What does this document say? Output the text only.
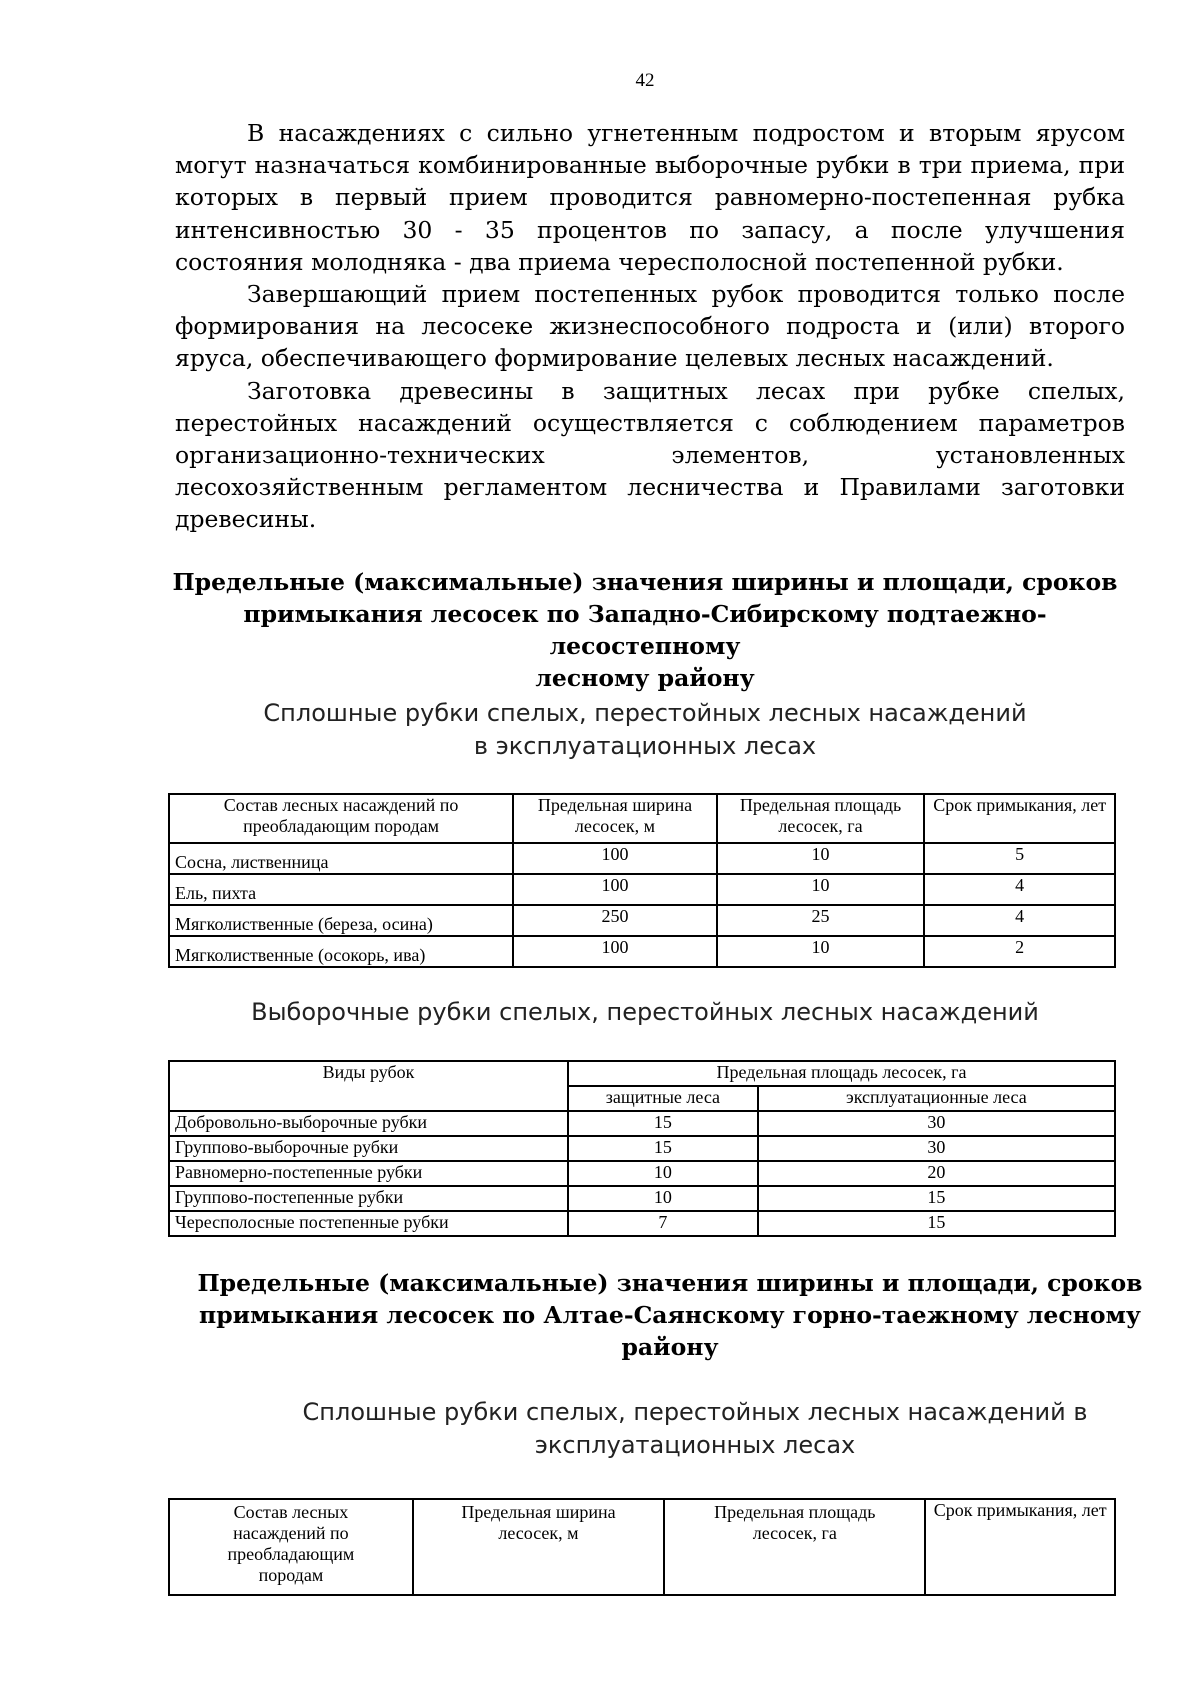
42

В насаждениях с сильно угнетенным подростом и вторым ярусом могут назначаться комбинированные выборочные рубки в три приема, при которых в первый прием проводится равномерно-постепенная рубка интенсивностью 30 - 35 процентов по запасу, а после улучшения состояния молодняка - два приема чересполосной постепенной рубки.

Завершающий прием постепенных рубок проводится только после формирования на лесосеке жизнеспособного подроста и (или) второго яруса, обеспечивающего формирование целевых лесных насаждений.

Заготовка древесины в защитных лесах при рубке спелых, перестойных насаждений осуществляется с соблюдением параметров организационно-технических элементов, установленных лесохозяйственным регламентом лесничества и Правилами заготовки древесины.

Предельные (максимальные) значения ширины и площади, сроков
примыкания лесосек по Западно-Сибирскому подтаежно-лесостепному
лесному району
Сплошные рубки спелых, перестойных лесных насаждений
в эксплуатационных лесах
Состав лесных насаждений по преобладающим породам	Предельная ширина лесосек, м	Предельная площадь лесосек, га	Срок примыкания, лет
Сосна, лиственница	100	10	5
Ель, пихта	100	10	4
Мягколиственные (береза, осина)	250	25	4
Мягколиственные (осокорь, ива)	100	10	2
Выборочные рубки спелых, перестойных лесных насаждений
Виды рубок	Предельная площадь лесосек, га	
	защитные леса	эксплуатационные леса
Добровольно-выборочные рубки	15	30
Группово-выборочные рубки	15	30
Равномерно-постепенные рубки	10	20
Группово-постепенные рубки	10	15
Чересполосные постепенные рубки	7	15
Предельные (максимальные) значения ширины и площади, сроков
примыкания лесосек по Алтае-Саянскому горно-таежному лесному
району
Сплошные рубки спелых, перестойных лесных насаждений в
эксплуатационных лесах
Состав лесных насаждений по преобладающим породам	Предельная ширина лесосек, м	Предельная площадь лесосек, га	Срок примыкания, лет
